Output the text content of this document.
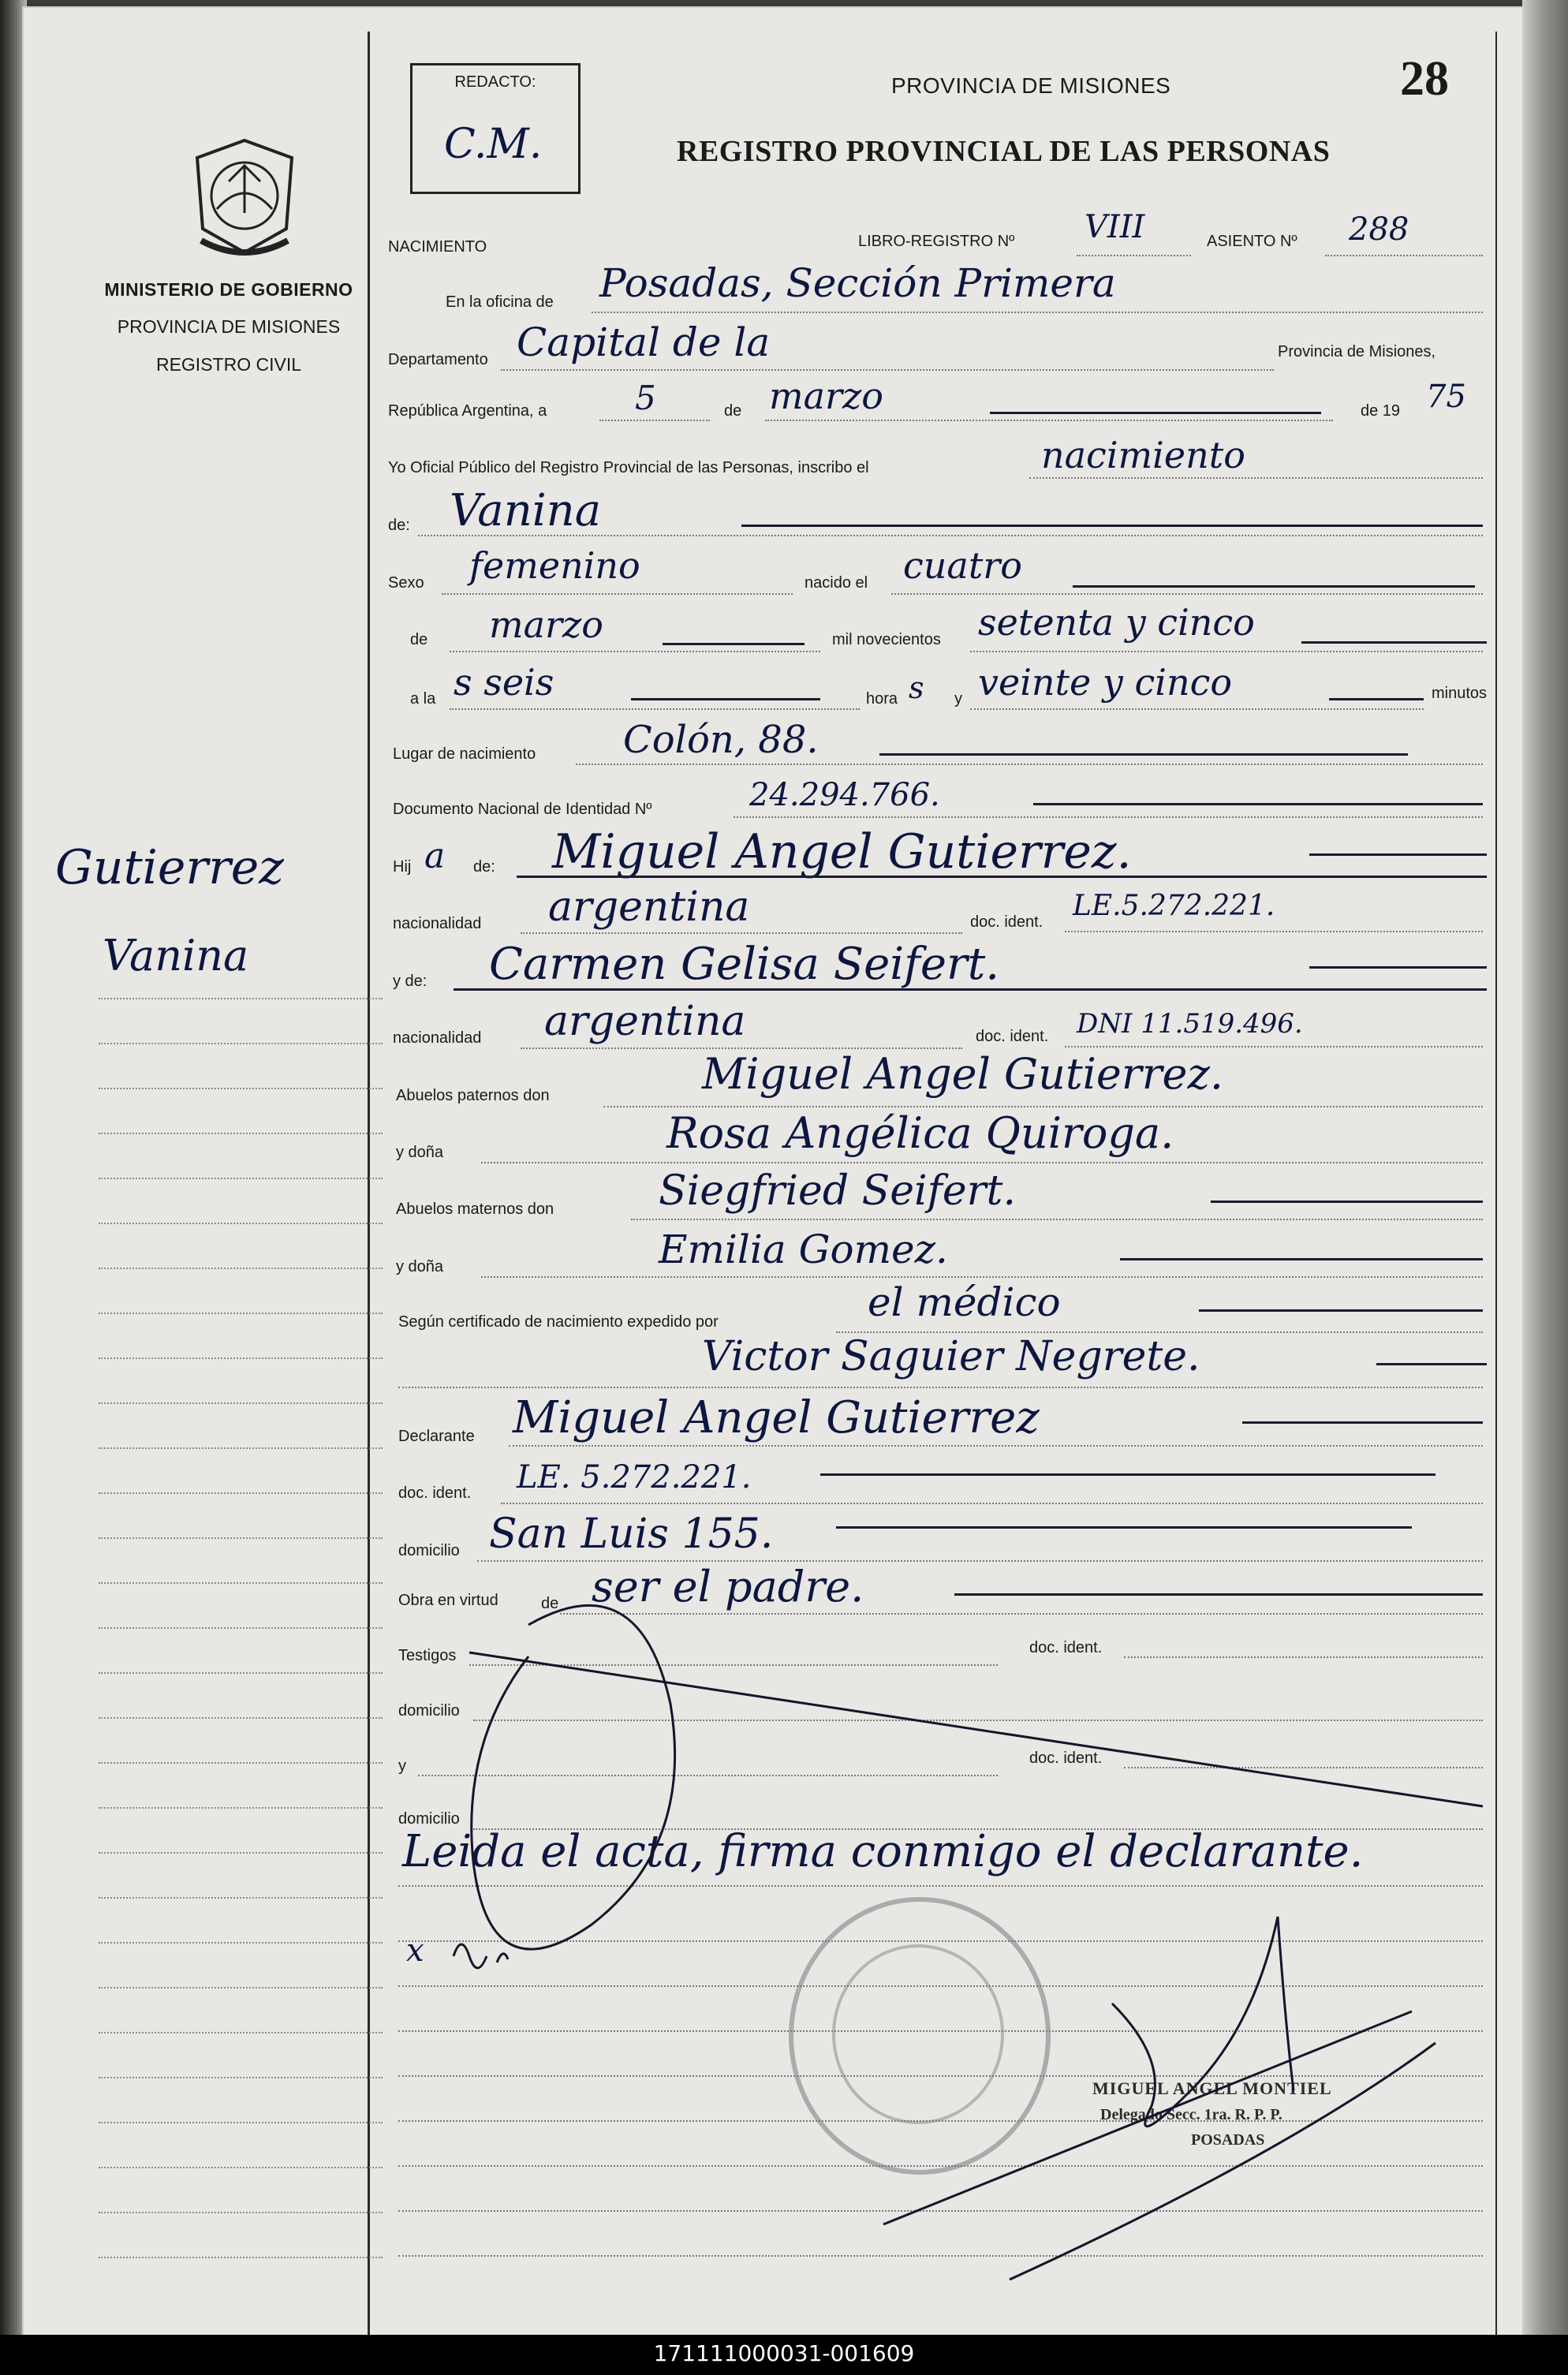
MINISTERIO DE GOBIERNO
PROVINCIA DE MISIONES
REGISTRO CIVIL
Gutierrez
Vanina
REDACTO:
C.M.
PROVINCIA DE MISIONES
REGISTRO PROVINCIAL DE LAS PERSONAS
28
NACIMIENTO	LIBRO-REGISTRO Nº VIII	ASIENTO Nº 288
En la oficina de Posadas, Sección Primera
Departamento Capital de la	Provincia de Misiones,
República Argentina, a	5	de marzo	de 19 75
Yo Oficial Público del Registro Provincial de las Personas, inscribo el	nacimiento
de: Vanina
Sexo femenino	nacido el cuatro
de marzo	mil novecientos setenta y cinco
a la s seis	hora s y veinte y cinco	minutos
Lugar de nacimiento Colón, 88.
Documento Nacional de Identidad Nº	24.294.766.
Hij a de: Miguel Angel Gutierrez.
nacionalidad argentina	doc. ident. LE.5.272.221.
y de: Carmen Gelisa Seifert.
nacionalidad argentina	doc. ident. DNI 11.519.496.
Abuelos paternos don	Miguel Angel Gutierrez.
y doña	Rosa Angélica Quiroga.
Abuelos maternos don	Siegfried Seifert.
y doña	Emilia Gomez.
Según certificado de nacimiento expedido por	el médico
Victor Saguier Negrete.
Declarante Miguel Angel Gutierrez
doc. ident. LE. 5.272.221.
domicilio San Luis 155.
Obra en virtud	de ser el padre.
Testigos	doc. ident.
domicilio
y	doc. ident.
domicilio
Leida el acta, firma conmigo el declarante.
x
MIGUEL ANGEL MONTIEL
Delegado Secc. 1ra. R. P. P.
POSADAS
171111000031-001609
